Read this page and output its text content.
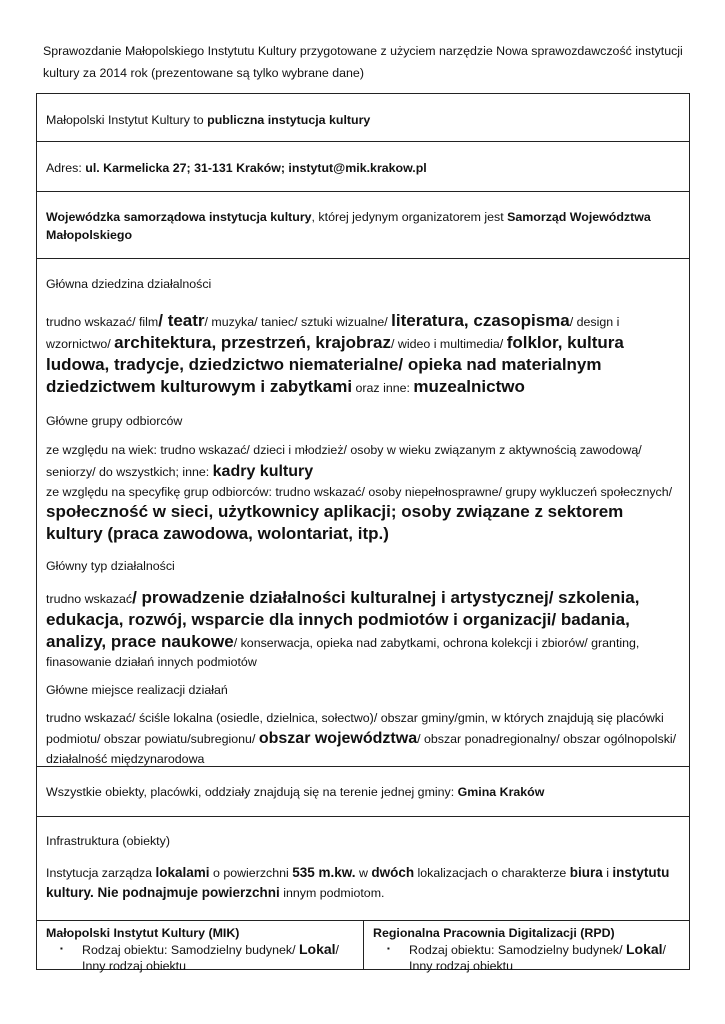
Sprawozdanie Małopolskiego Instytutu Kultury przygotowane z użyciem narzędzie Nowa sprawozdawczość instytucji kultury za 2014 rok (prezentowane są tylko wybrane dane)
Małopolski Instytut Kultury to publiczna instytucja kultury
Adres: ul. Karmelicka 27; 31-131 Kraków; instytut@mik.krakow.pl
Wojewódzka samorządowa instytucja kultury, której jedynym organizatorem jest Samorząd Województwa Małopolskiego

Główna dziedzina działalności

trudno wskazać/ film/ teatr/ muzyka/ taniec/ sztuki wizualne/ literatura, czasopisma/ design i wzornictwo/ architektura, przestrzeń, krajobraz/ wideo i multimedia/ folklor, kultura ludowa, tradycje, dziedzictwo niematerialne/ opieka nad materialnym dziedzictwem kulturowym i zabytkami oraz inne: muzealnictwo

Główne grupy odbiorców

ze względu na wiek: trudno wskazać/ dzieci i młodzież/ osoby w wieku związanym z aktywnością zawodową/ seniorzy/ do wszystkich; inne: kadry kultury

ze względu na specyfikę grup odbiorców: trudno wskazać/ osoby niepełnosprawne/ grupy wykluczeń społecznych/ społeczność w sieci, użytkownicy aplikacji; osoby związane z sektorem kultury (praca zawodowa, wolontariat, itp.)

Główny typ działalności

trudno wskazać/ prowadzenie działalności kulturalnej i artystycznej/ szkolenia, edukacja, rozwój, wsparcie dla innych podmiotów i organizacji/ badania, analizy, prace naukowe/ konserwacja, opieka nad zabytkami, ochrona kolekcji i zbiorów/ granting, finasowanie działań innych podmiotów

Główne miejsce realizacji działań

trudno wskazać/ ściśle lokalna (osiedle, dzielnica, sołectwo)/ obszar gminy/gmin, w których znajdują się placówki podmiotu/ obszar powiatu/subregionu/ obszar województwa/ obszar ponadregionalny/ obszar ogólnopolski/ działalność międzynarodowa

Wszystkie obiekty, placówki, oddziały znajdują się na terenie jednej gminy: Gmina Kraków

Infrastruktura (obiekty)

Instytucja zarządza lokalami o powierzchni 535 m.kw. w dwóch lokalizacjach o charakterze biura i instytutu kultury. Nie podnajmuje powierzchni innym podmiotom.

Małopolski Instytut Kultury (MIK)

▪	Rodzaj obiektu: Samodzielny budynek/ Lokal/ Inny rodzaj obiektu

Regionalna Pracownia Digitalizacji (RPD)

▪	Rodzaj obiektu: Samodzielny budynek/ Lokal/ Inny rodzaj obiektu
